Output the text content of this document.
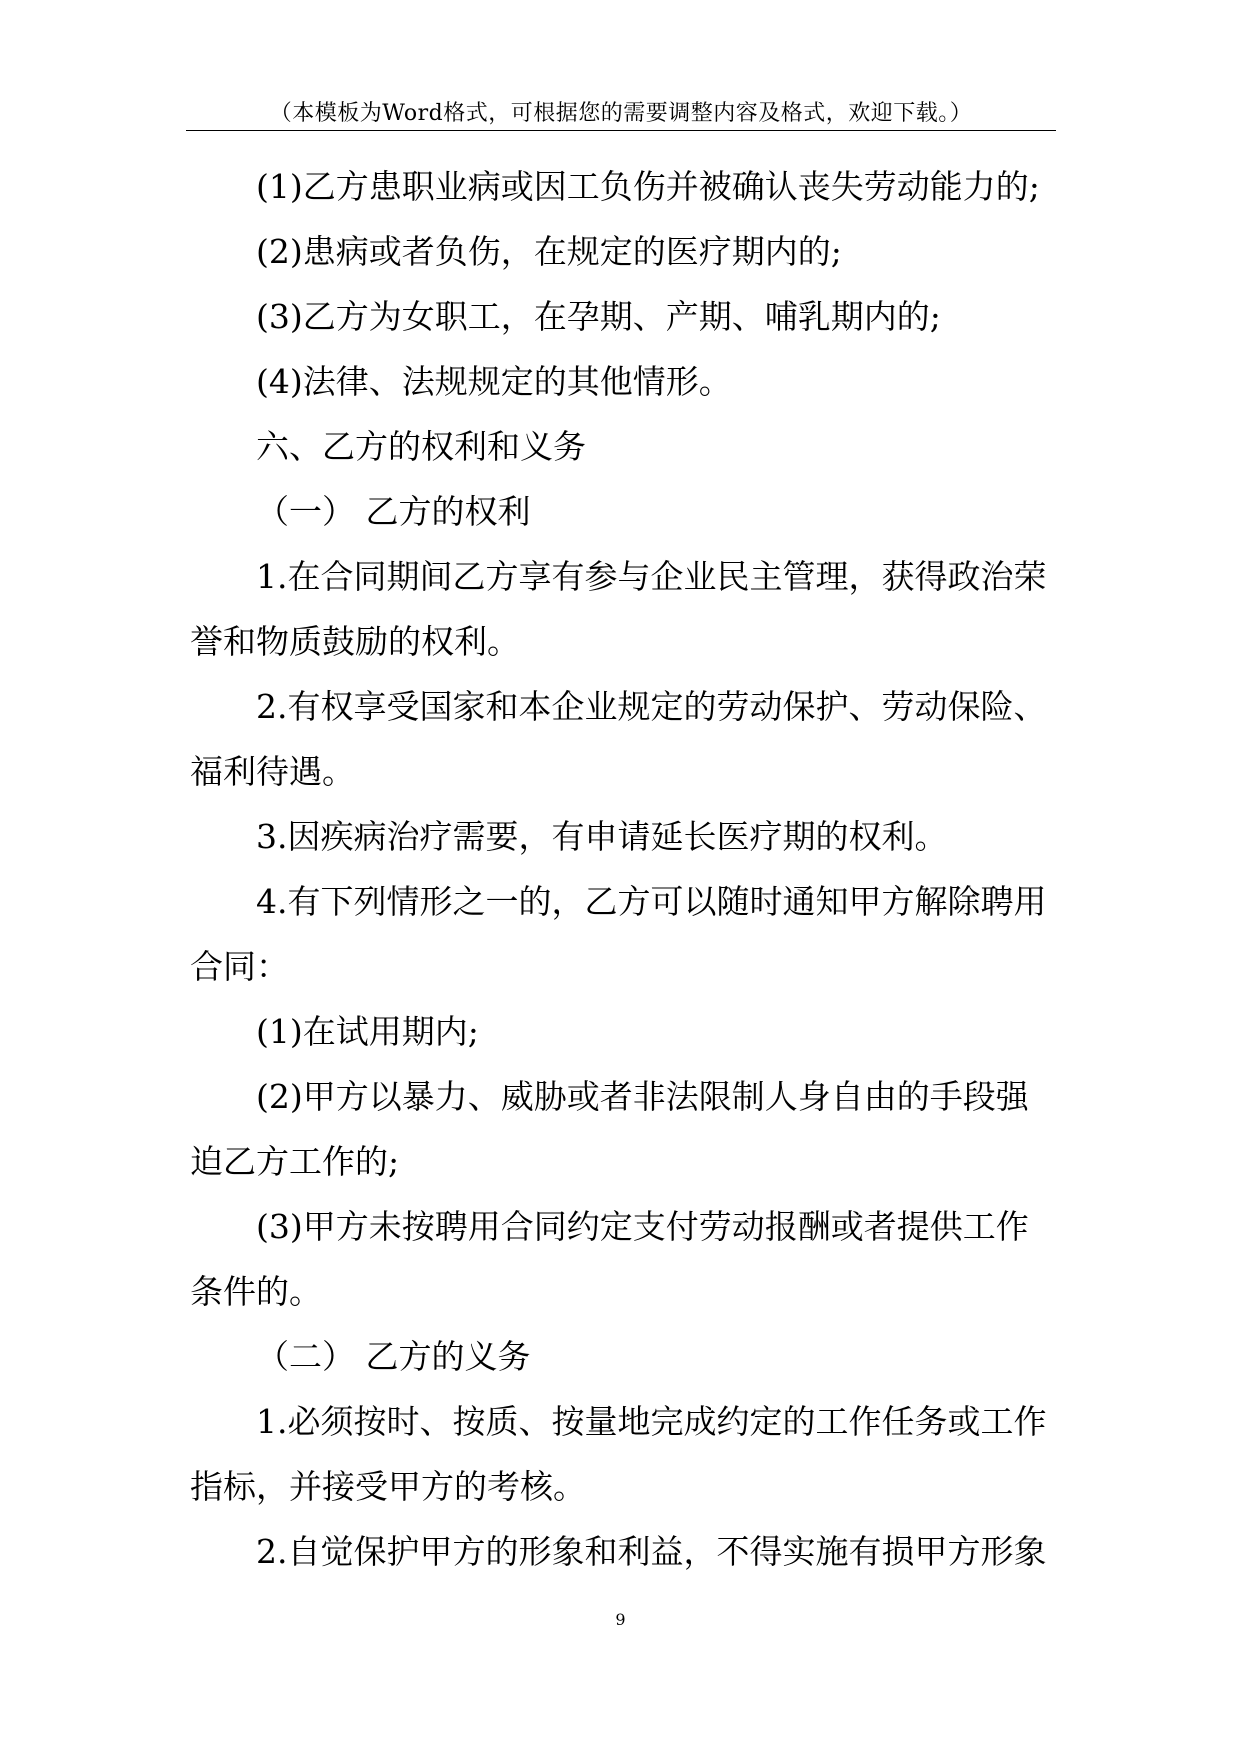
（本模板为Word格式，可根据您的需要调整内容及格式，欢迎下载。）

(1)乙方患职业病或因工负伤并被确认丧失劳动能力的;

(2)患病或者负伤，在规定的医疗期内的;

(3)乙方为女职工，在孕期、产期、哺乳期内的;

(4)法律、法规规定的其他情形。

六、乙方的权利和义务

（一） 乙方的权利

1.在合同期间乙方享有参与企业民主管理，获得政治荣

誉和物质鼓励的权利。

2.有权享受国家和本企业规定的劳动保护、劳动保险、

福利待遇。

3.因疾病治疗需要，有申请延长医疗期的权利。

4.有下列情形之一的，乙方可以随时通知甲方解除聘用

合同：

(1)在试用期内;

(2)甲方以暴力、威胁或者非法限制人身自由的手段强

迫乙方工作的;

(3)甲方未按聘用合同约定支付劳动报酬或者提供工作

条件的。

（二） 乙方的义务

1.必须按时、按质、按量地完成约定的工作任务或工作

指标，并接受甲方的考核。

2.自觉保护甲方的形象和利益，不得实施有损甲方形象

9
